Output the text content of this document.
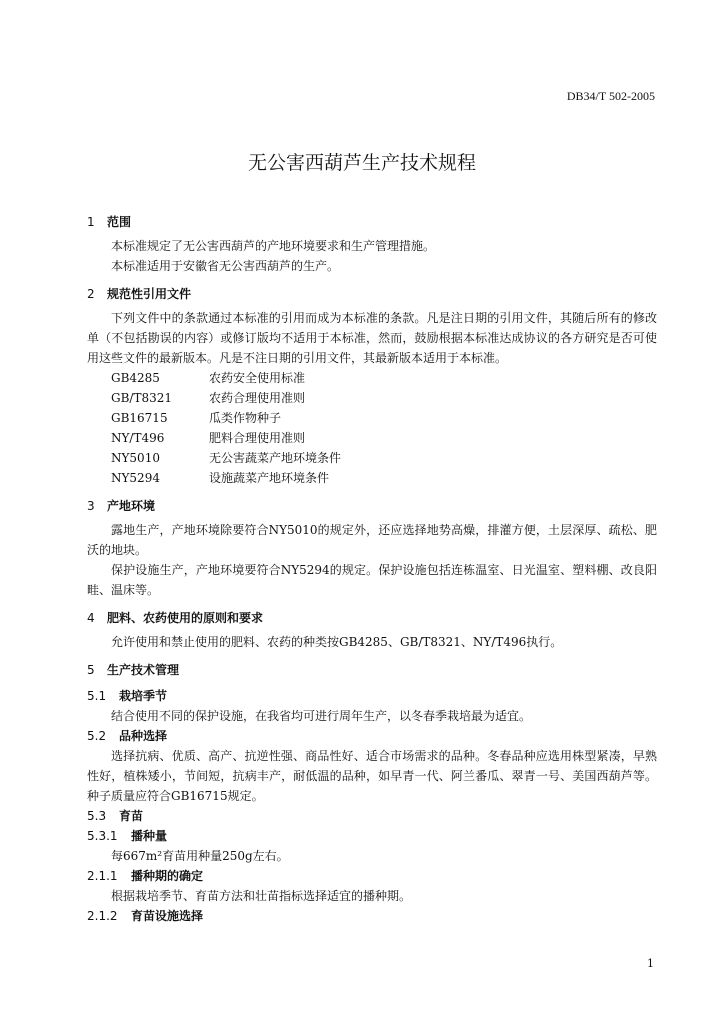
DB34/T 502-2005
无公害西葫芦生产技术规程
1 范围

本标准规定了无公害西葫芦的产地环境要求和生产管理措施。

本标准适用于安徽省无公害西葫芦的生产。

2 规范性引用文件

下列文件中的条款通过本标准的引用而成为本标准的条款。凡是注日期的引用文件，其随后所有的修改单（不包括勘误的内容）或修订版均不适用于本标准，然而，鼓励根据本标准达成协议的各方研究是否可使用这些文件的最新版本。凡是不注日期的引用文件，其最新版本适用于本标准。

GB4285	农药安全使用标准
GB/T8321	农药合理使用准则
GB16715	瓜类作物种子
NY/T496	肥料合理使用准则
NY5010	无公害蔬菜产地环境条件
NY5294	设施蔬菜产地环境条件
3 产地环境

露地生产，产地环境除要符合NY5010的规定外，还应选择地势高燥，排灌方便，土层深厚、疏松、肥沃的地块。

保护设施生产，产地环境要符合NY5294的规定。保护设施包括连栋温室、日光温室、塑料棚、改良阳畦、温床等。

4 肥料、农药使用的原则和要求

允许使用和禁止使用的肥料、农药的种类按GB4285、GB/T8321、NY/T496执行。

5 生产技术管理
5.1 栽培季节

结合使用不同的保护设施，在我省均可进行周年生产，以冬春季栽培最为适宜。

5.2 品种选择

选择抗病、优质、高产、抗逆性强、商品性好、适合市场需求的品种。冬春品种应选用株型紧凑，早熟性好，植株矮小，节间短，抗病丰产，耐低温的品种，如早青一代、阿兰番瓜、翠青一号、美国西葫芦等。种子质量应符合GB16715规定。

5.3 育苗
5.3.1 播种量

每667m²育苗用种量250g左右。

2.1.1 播种期的确定

根据栽培季节、育苗方法和壮苗指标选择适宜的播种期。

2.1.2 育苗设施选择
1
